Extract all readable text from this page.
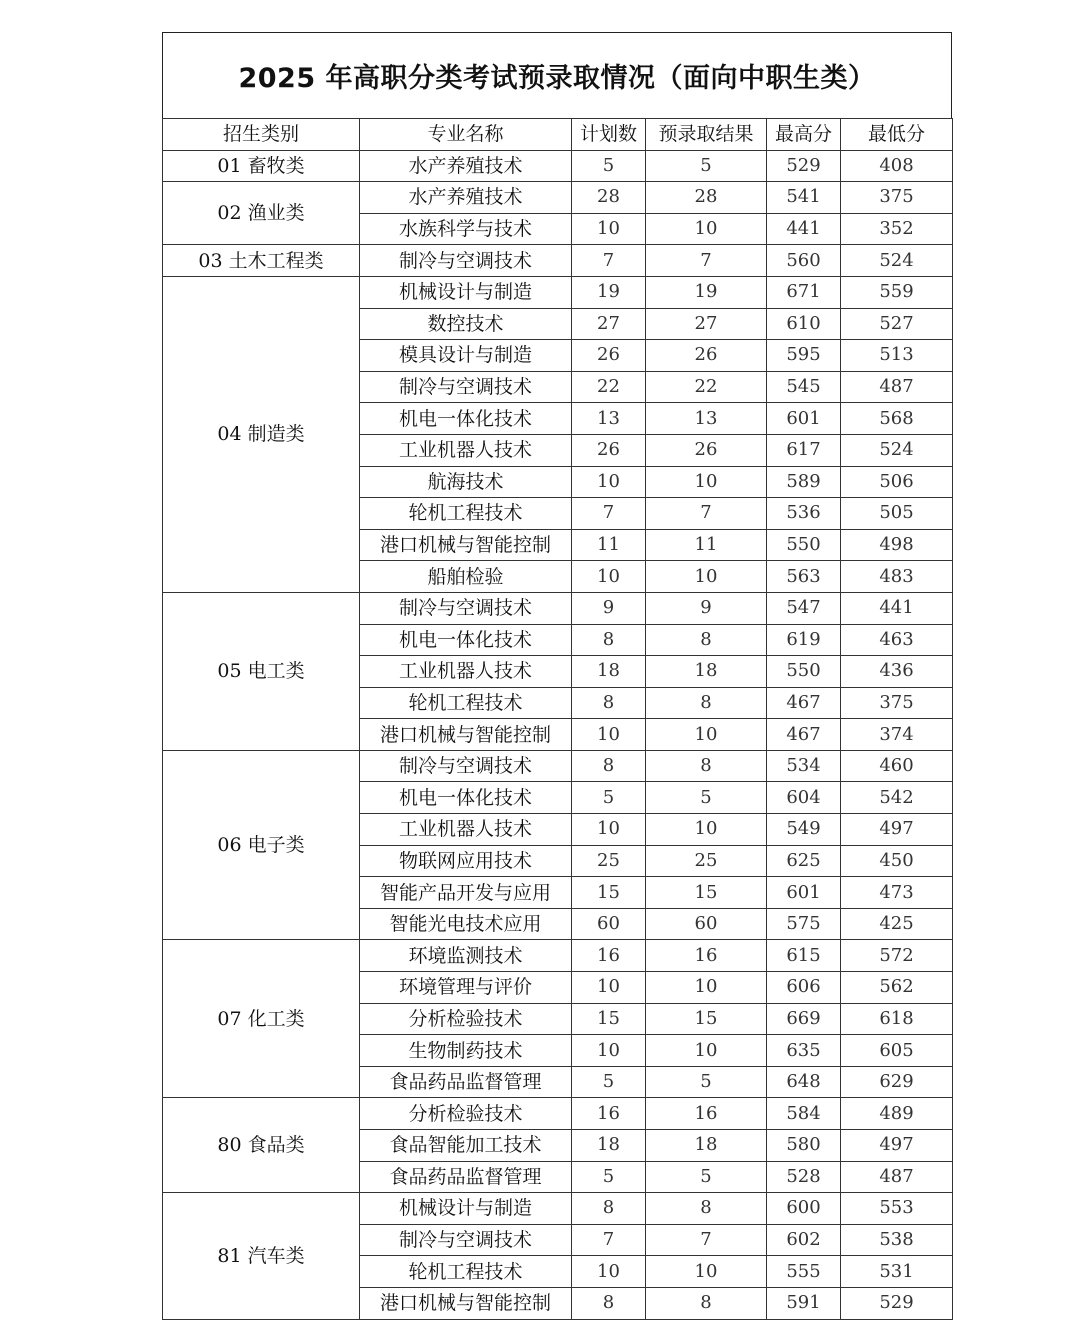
2025 年高职分类考试预录取情况（面向中职生类）
招生类别	专业名称	计划数	预录取结果	最高分	最低分
01 畜牧类	水产养殖技术	5	5	529	408
02 渔业类	水产养殖技术	28	28	541	375
	水族科学与技术	10	10	441	352
03 土木工程类	制冷与空调技术	7	7	560	524
04 制造类	机械设计与制造	19	19	671	559
	数控技术	27	27	610	527
	模具设计与制造	26	26	595	513
	制冷与空调技术	22	22	545	487
	机电一体化技术	13	13	601	568
	工业机器人技术	26	26	617	524
	航海技术	10	10	589	506
	轮机工程技术	7	7	536	505
	港口机械与智能控制	11	11	550	498
	船舶检验	10	10	563	483
05 电工类	制冷与空调技术	9	9	547	441
	机电一体化技术	8	8	619	463
	工业机器人技术	18	18	550	436
	轮机工程技术	8	8	467	375
	港口机械与智能控制	10	10	467	374
06 电子类	制冷与空调技术	8	8	534	460
	机电一体化技术	5	5	604	542
	工业机器人技术	10	10	549	497
	物联网应用技术	25	25	625	450
	智能产品开发与应用	15	15	601	473
	智能光电技术应用	60	60	575	425
07 化工类	环境监测技术	16	16	615	572
	环境管理与评价	10	10	606	562
	分析检验技术	15	15	669	618
	生物制药技术	10	10	635	605
	食品药品监督管理	5	5	648	629
80 食品类	分析检验技术	16	16	584	489
	食品智能加工技术	18	18	580	497
	食品药品监督管理	5	5	528	487
81 汽车类	机械设计与制造	8	8	600	553
	制冷与空调技术	7	7	602	538
	轮机工程技术	10	10	555	531
	港口机械与智能控制	8	8	591	529
